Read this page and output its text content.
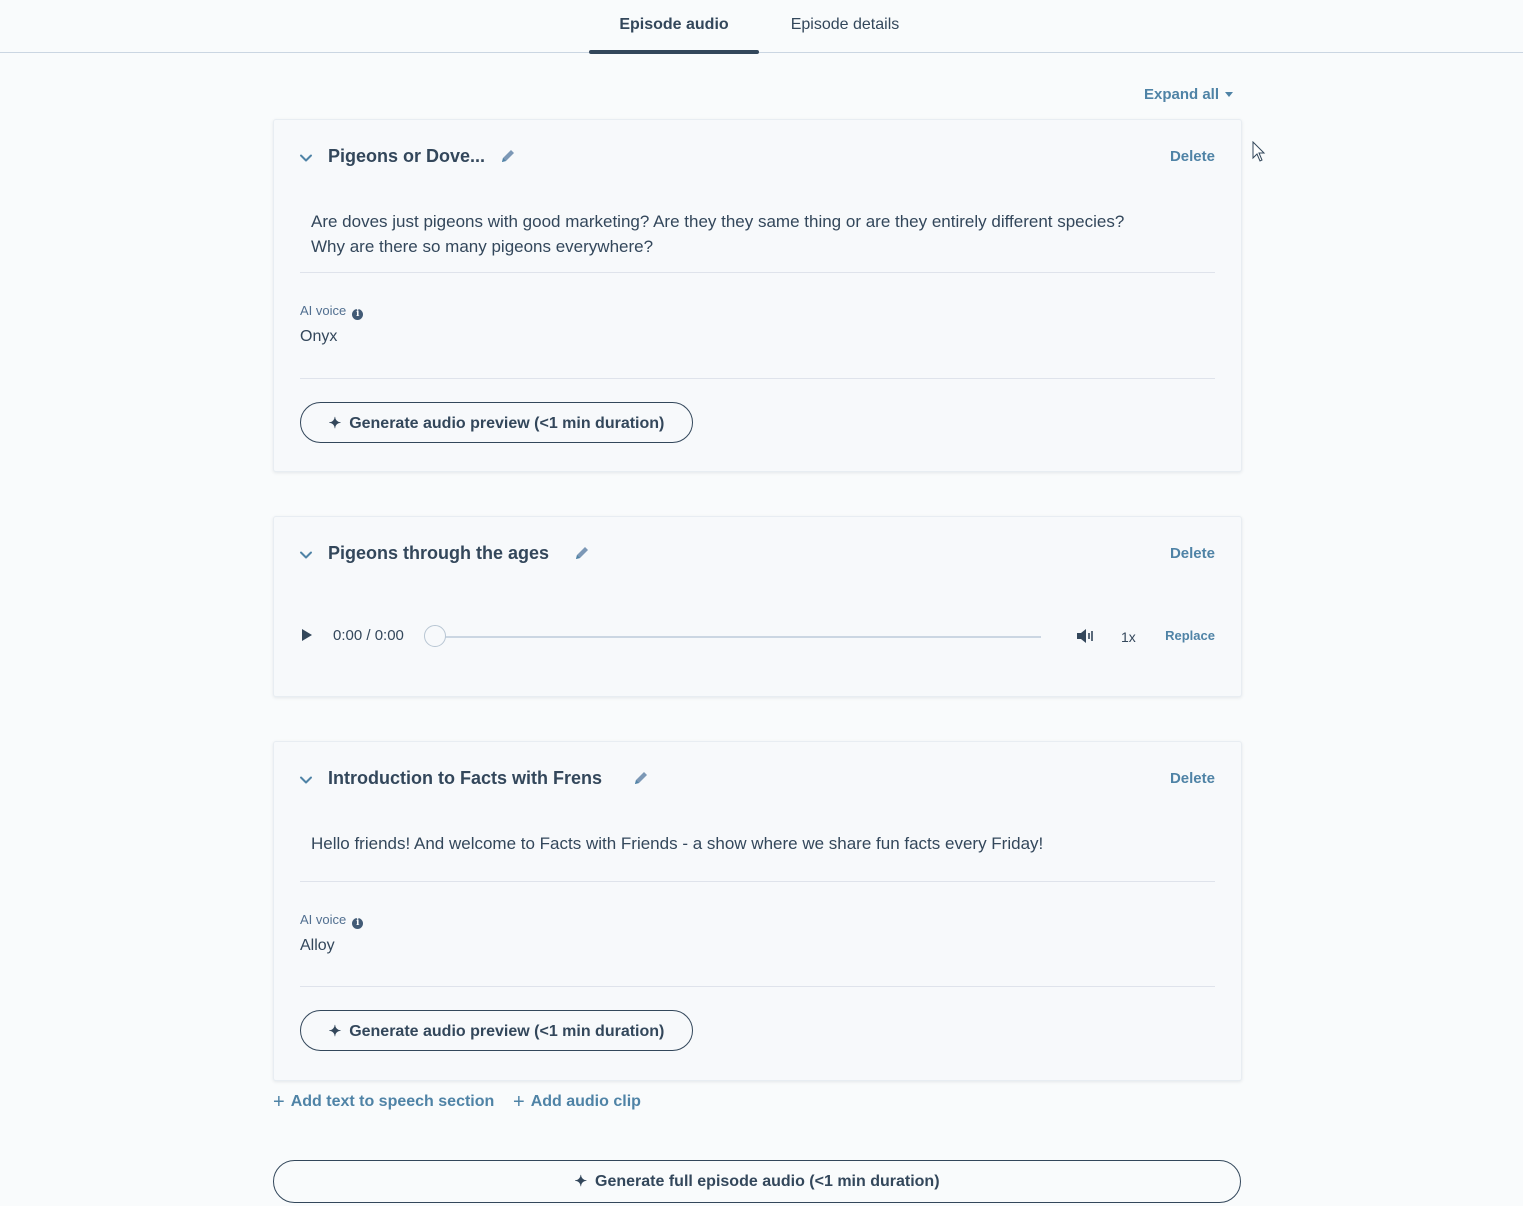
Episode audio	Episode details
Expand all
Pigeons or Dove...	Delete
Are doves just pigeons with good marketing? Are they they same thing or are they entirely different species? Why are there so many pigeons everywhere?
AI voice i
Onyx
✦ Generate audio preview (<1 min duration)
Pigeons through the ages	Delete
0:00 / 0:00	1x Replace
Introduction to Facts with Frens	Delete
Hello friends! And welcome to Facts with Friends - a show where we share fun facts every Friday!
AI voice i
Alloy
✦ Generate audio preview (<1 min duration)
+ Add text to speech section + Add audio clip
✦ Generate full episode audio (<1 min duration)
